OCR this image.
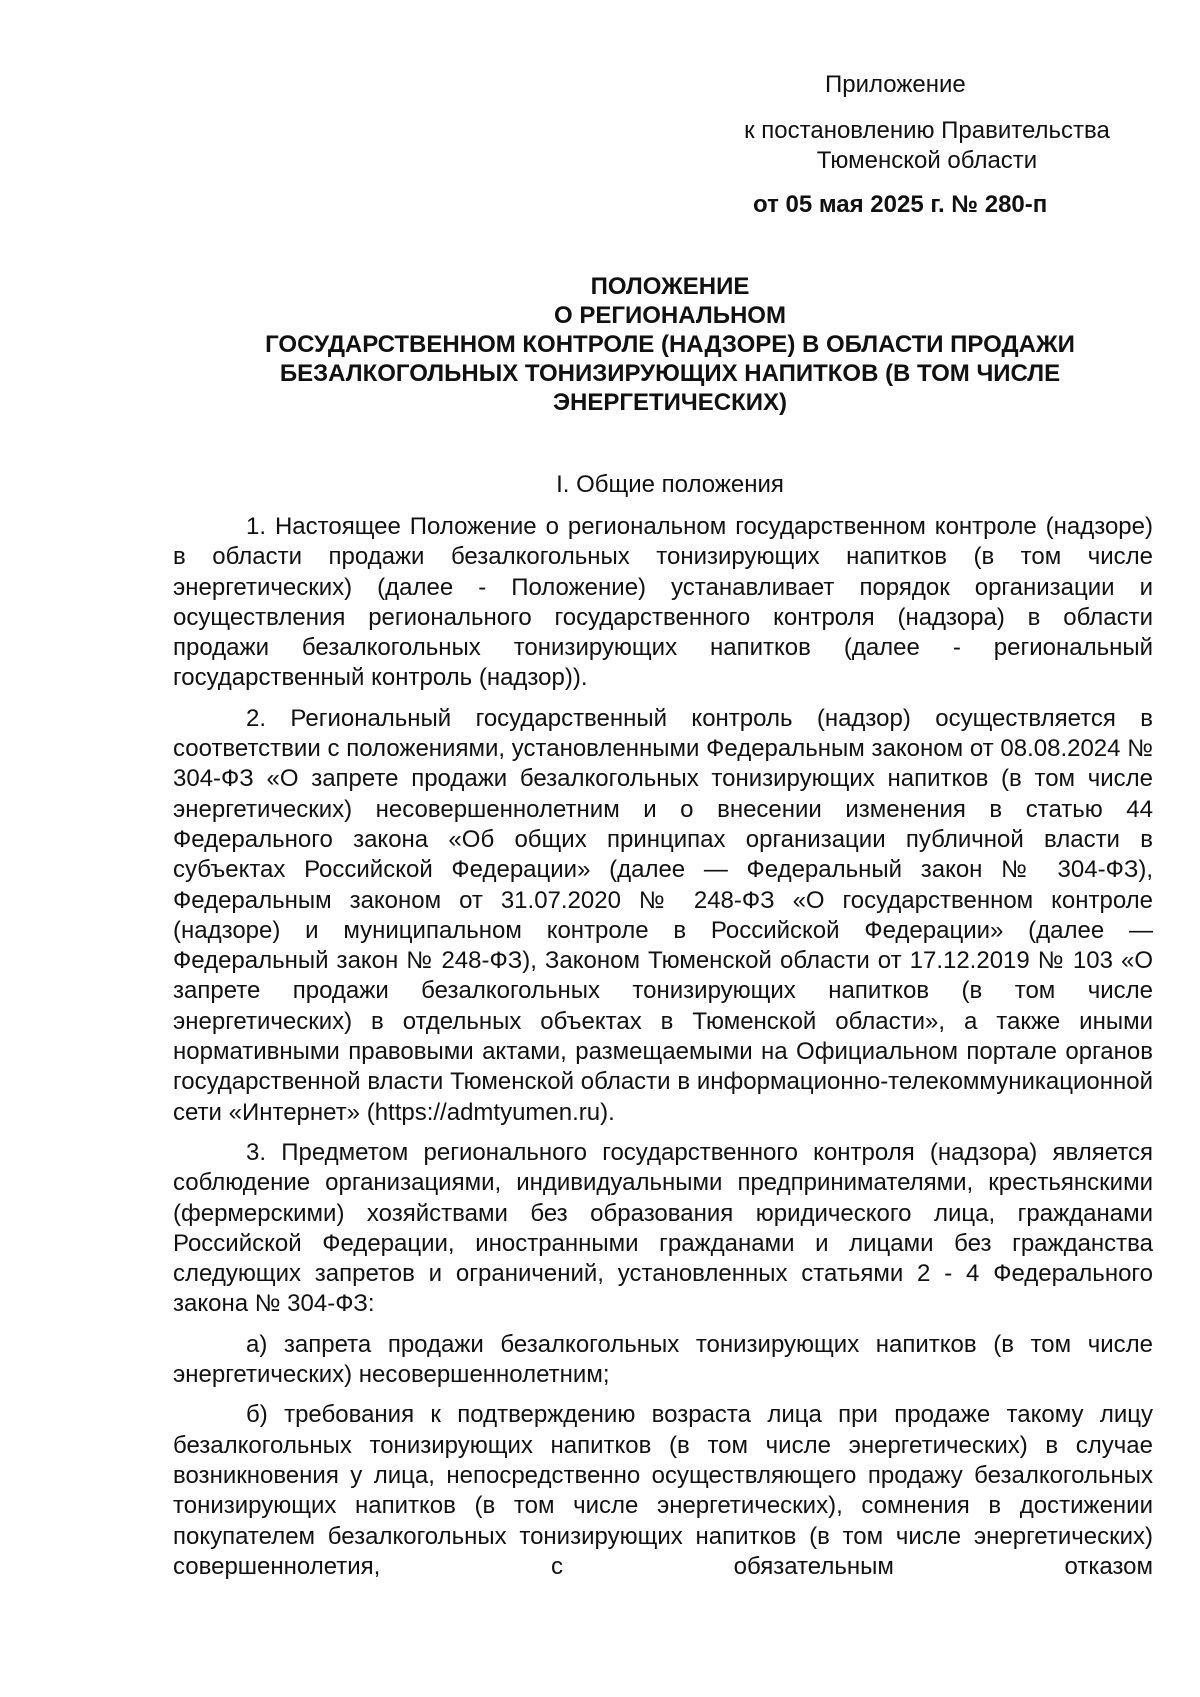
Приложение
к постановлению Правительства
Тюменской области
от 05 мая 2025 г. № 280-п
ПОЛОЖЕНИЕ
О РЕГИОНАЛЬНОМ
ГОСУДАРСТВЕННОМ КОНТРОЛЕ (НАДЗОРЕ) В ОБЛАСТИ ПРОДАЖИ
БЕЗАЛКОГОЛЬНЫХ ТОНИЗИРУЮЩИХ НАПИТКОВ (В ТОМ ЧИСЛЕ
ЭНЕРГЕТИЧЕСКИХ)
I. Общие положения

1. Настоящее Положение о региональном государственном контроле (надзоре) в области продажи безалкогольных тонизирующих напитков (в том числе энергетических) (далее - Положение) устанавливает порядок организации и осуществления регионального государственного контроля (надзора) в области продажи безалкогольных тонизирующих напитков (далее - региональный государственный контроль (надзор)).

2. Региональный государственный контроль (надзор) осуществляется в соответствии с положениями, установленными Федеральным законом от 08.08.2024 № 304-ФЗ «О запрете продажи безалкогольных тонизирующих напитков (в том числе энергетических) несовершеннолетним и о внесении изменения в статью 44 Федерального закона «Об общих принципах организации публичной власти в субъектах Российской Федерации» (далее — Федеральный закон № 304-ФЗ), Федеральным законом от 31.07.2020 № 248-ФЗ «О государственном контроле (надзоре) и муниципальном контроле в Российской Федерации» (далее — Федеральный закон № 248-ФЗ), Законом Тюменской области от 17.12.2019 № 103 «О запрете продажи безалкогольных тонизирующих напитков (в том числе энергетических) в отдельных объектах в Тюменской области», а также иными нормативными правовыми актами, размещаемыми на Официальном портале органов государственной власти Тюменской области в информационно-телекоммуникационной сети «Интернет» (https://admtyumen.ru).

3. Предметом регионального государственного контроля (надзора) является соблюдение организациями, индивидуальными предпринимателями, крестьянскими (фермерскими) хозяйствами без образования юридического лица, гражданами Российской Федерации, иностранными гражданами и лицами без гражданства следующих запретов и ограничений, установленных статьями 2 - 4 Федерального закона № 304-ФЗ:

а) запрета продажи безалкогольных тонизирующих напитков (в том числе энергетических) несовершеннолетним;

б) требования к подтверждению возраста лица при продаже такому лицу безалкогольных тонизирующих напитков (в том числе энергетических) в случае возникновения у лица, непосредственно осуществляющего продажу безалкогольных тонизирующих напитков (в том числе энергетических), сомнения в достижении покупателем безалкогольных тонизирующих напитков (в том числе энергетических) совершеннолетия, с обязательным отказом
